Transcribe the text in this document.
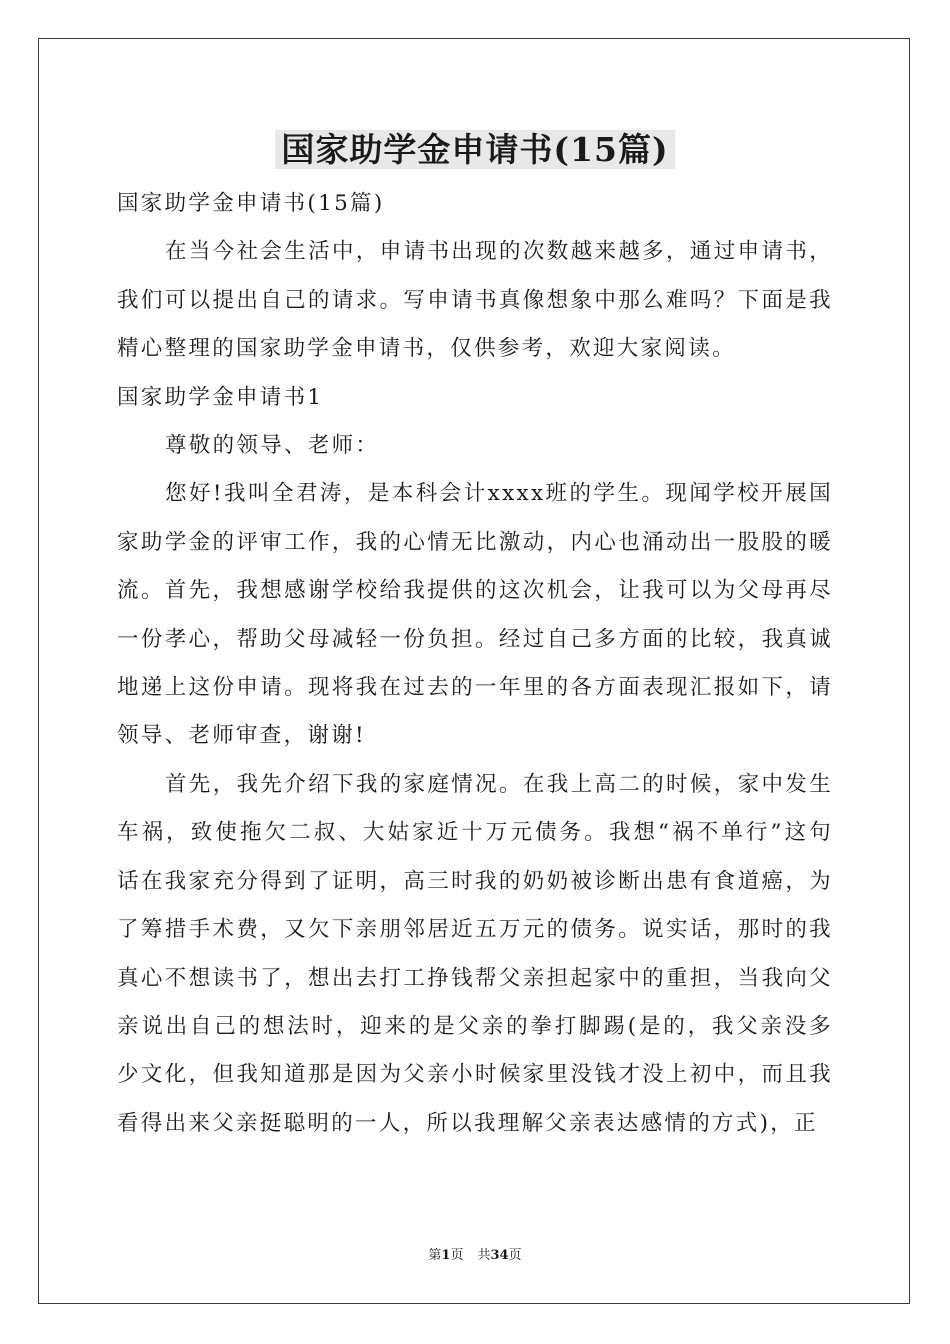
国家助学金申请书(15篇)

国家助学金申请书(15篇)

在当今社会生活中，申请书出现的次数越来越多，通过申请书，我们可以提出自己的请求。写申请书真像想象中那么难吗？下面是我精心整理的国家助学金申请书，仅供参考，欢迎大家阅读。

国家助学金申请书1

尊敬的领导、老师：

您好!我叫全君涛，是本科会计xxxx班的学生。现闻学校开展国家助学金的评审工作，我的心情无比激动，内心也涌动出一股股的暖流。首先，我想感谢学校给我提供的这次机会，让我可以为父母再尽一份孝心，帮助父母减轻一份负担。经过自己多方面的比较，我真诚地递上这份申请。现将我在过去的一年里的各方面表现汇报如下，请领导、老师审查，谢谢!

首先，我先介绍下我的家庭情况。在我上高二的时候，家中发生车祸，致使拖欠二叔、大姑家近十万元债务。我想“祸不单行”这句话在我家充分得到了证明，高三时我的奶奶被诊断出患有食道癌，为了筹措手术费，又欠下亲朋邻居近五万元的债务。说实话，那时的我真心不想读书了，想出去打工挣钱帮父亲担起家中的重担，当我向父亲说出自己的想法时，迎来的是父亲的拳打脚踢(是的，我父亲没多少文化，但我知道那是因为父亲小时候家里没钱才没上初中，而且我看得出来父亲挺聪明的一人，所以我理解父亲表达感情的方式)，正

第1页 共34页
